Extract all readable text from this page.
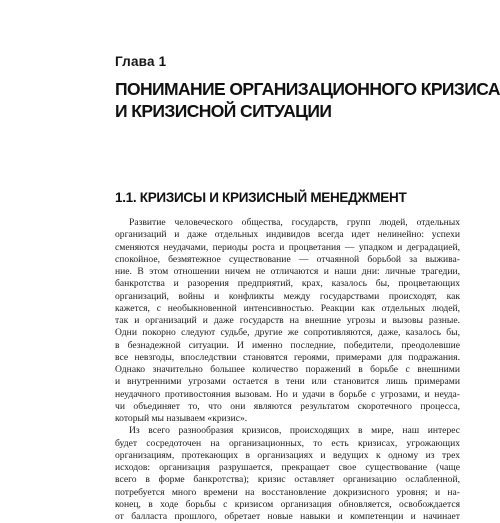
Глава 1
ПОНИМАНИЕ ОРГАНИЗАЦИОННОГО КРИЗИСА
И КРИЗИСНОЙ СИТУАЦИИ
1.1. КРИЗИСЫ И КРИЗИСНЫЙ МЕНЕДЖМЕНТ
Развитие человеческого общества, государств, групп людей, отдельных
организаций и даже отдельных индивидов всегда идет нелинейно: успехи
сменяются неудачами, периоды роста и процветания — упадком и деградацией,
спокойное, безмятежное существование — отчаянной борьбой за выжива-
ние. В этом отношении ничем не отличаются и наши дни: личные трагедии,
банкротства и разорения предприятий, крах, казалось бы, процветающих
организаций, войны и конфликты между государствами происходят, как
кажется, с необыкновенной интенсивностью. Реакции как отдельных людей,
так и организаций и даже государств на внешние угрозы и вызовы разные.
Одни покорно следуют судьбе, другие же сопротивляются, даже, казалось бы,
в безнадежной ситуации. И именно последние, победители, преодолевшие
все невзгоды, впоследствии становятся героями, примерами для подражания.
Однако значительно большее количество поражений в борьбе с внешними
и внутренними угрозами остается в тени или становится лишь примерами
неудачного противостояния вызовам. Но и удачи в борьбе с угрозами, и неуда-
чи объединяет то, что они являются результатом скоротечного процесса,
который мы называем «кризис».
Из всего разнообразия кризисов, происходящих в мире, наш интерес
будет сосредоточен на организационных, то есть кризисах, угрожающих
организациям, протекающих в организациях и ведущих к одному из трех
исходов: организация разрушается, прекращает свое существование (чаще
всего в форме банкротства); кризис оставляет организацию ослабленной,
потребуется много времени на восстановление докризисного уровня; и на-
конец, в ходе борьбы с кризисом организация обновляется, освобождается
от балласта прошлого, обретает новые навыки и компетенции и начинает
